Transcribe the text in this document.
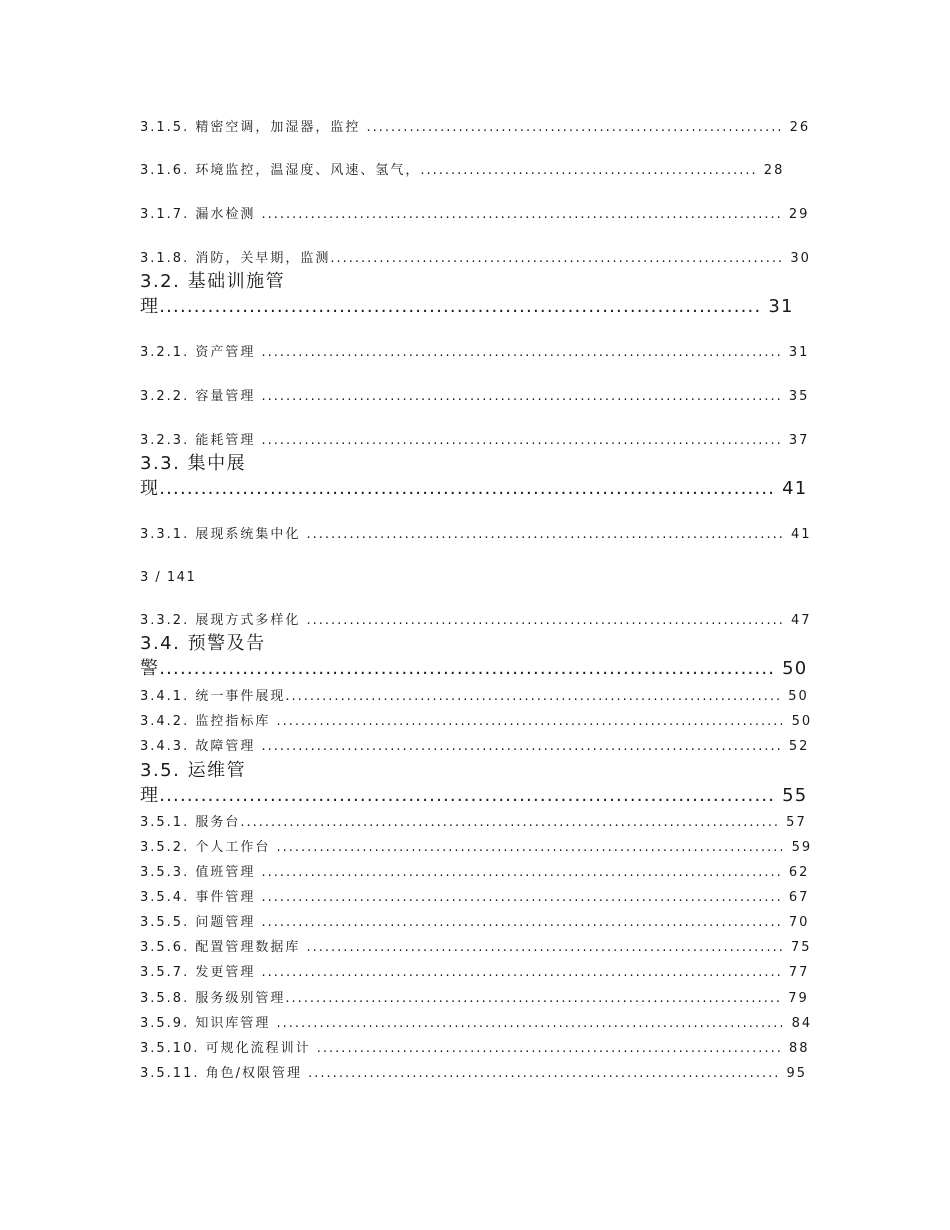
3.1.5. 精密空调，加湿器，监控 .................................................................... 26
3.1.6. 环境监控，温湿度、风速、氢气，....................................................... 28
3.1.7. 漏水检测 ..................................................................................... 29
3.1.8. 消防，关早期，监测.......................................................................... 30
3.2. 基础训施管
理....................................................................................... 31
3.2.1. 资产管理 ..................................................................................... 31
3.2.2. 容量管理 ..................................................................................... 35
3.2.3. 能耗管理 ..................................................................................... 37
3.3. 集中展
现......................................................................................... 41
3.3.1. 展现系统集中化 .............................................................................. 41
3 / 141
3.3.2. 展现方式多样化 .............................................................................. 47
3.4. 预警及告
警......................................................................................... 50
3.4.1. 统一事件展现................................................................................. 50
3.4.2. 监控指标库 ................................................................................... 50
3.4.3. 故障管理 ..................................................................................... 52
3.5. 运维管
理......................................................................................... 55
3.5.1. 服务台........................................................................................ 57
3.5.2. 个人工作台 ................................................................................... 59
3.5.3. 值班管理 ..................................................................................... 62
3.5.4. 事件管理 ..................................................................................... 67
3.5.5. 问题管理 ..................................................................................... 70
3.5.6. 配置管理数据库 .............................................................................. 75
3.5.7. 发更管理 ..................................................................................... 77
3.5.8. 服务级别管理................................................................................. 79
3.5.9. 知识库管理 ................................................................................... 84
3.5.10. 可规化流程训计 ............................................................................ 88
3.5.11. 角色/权限管理 ............................................................................. 95
